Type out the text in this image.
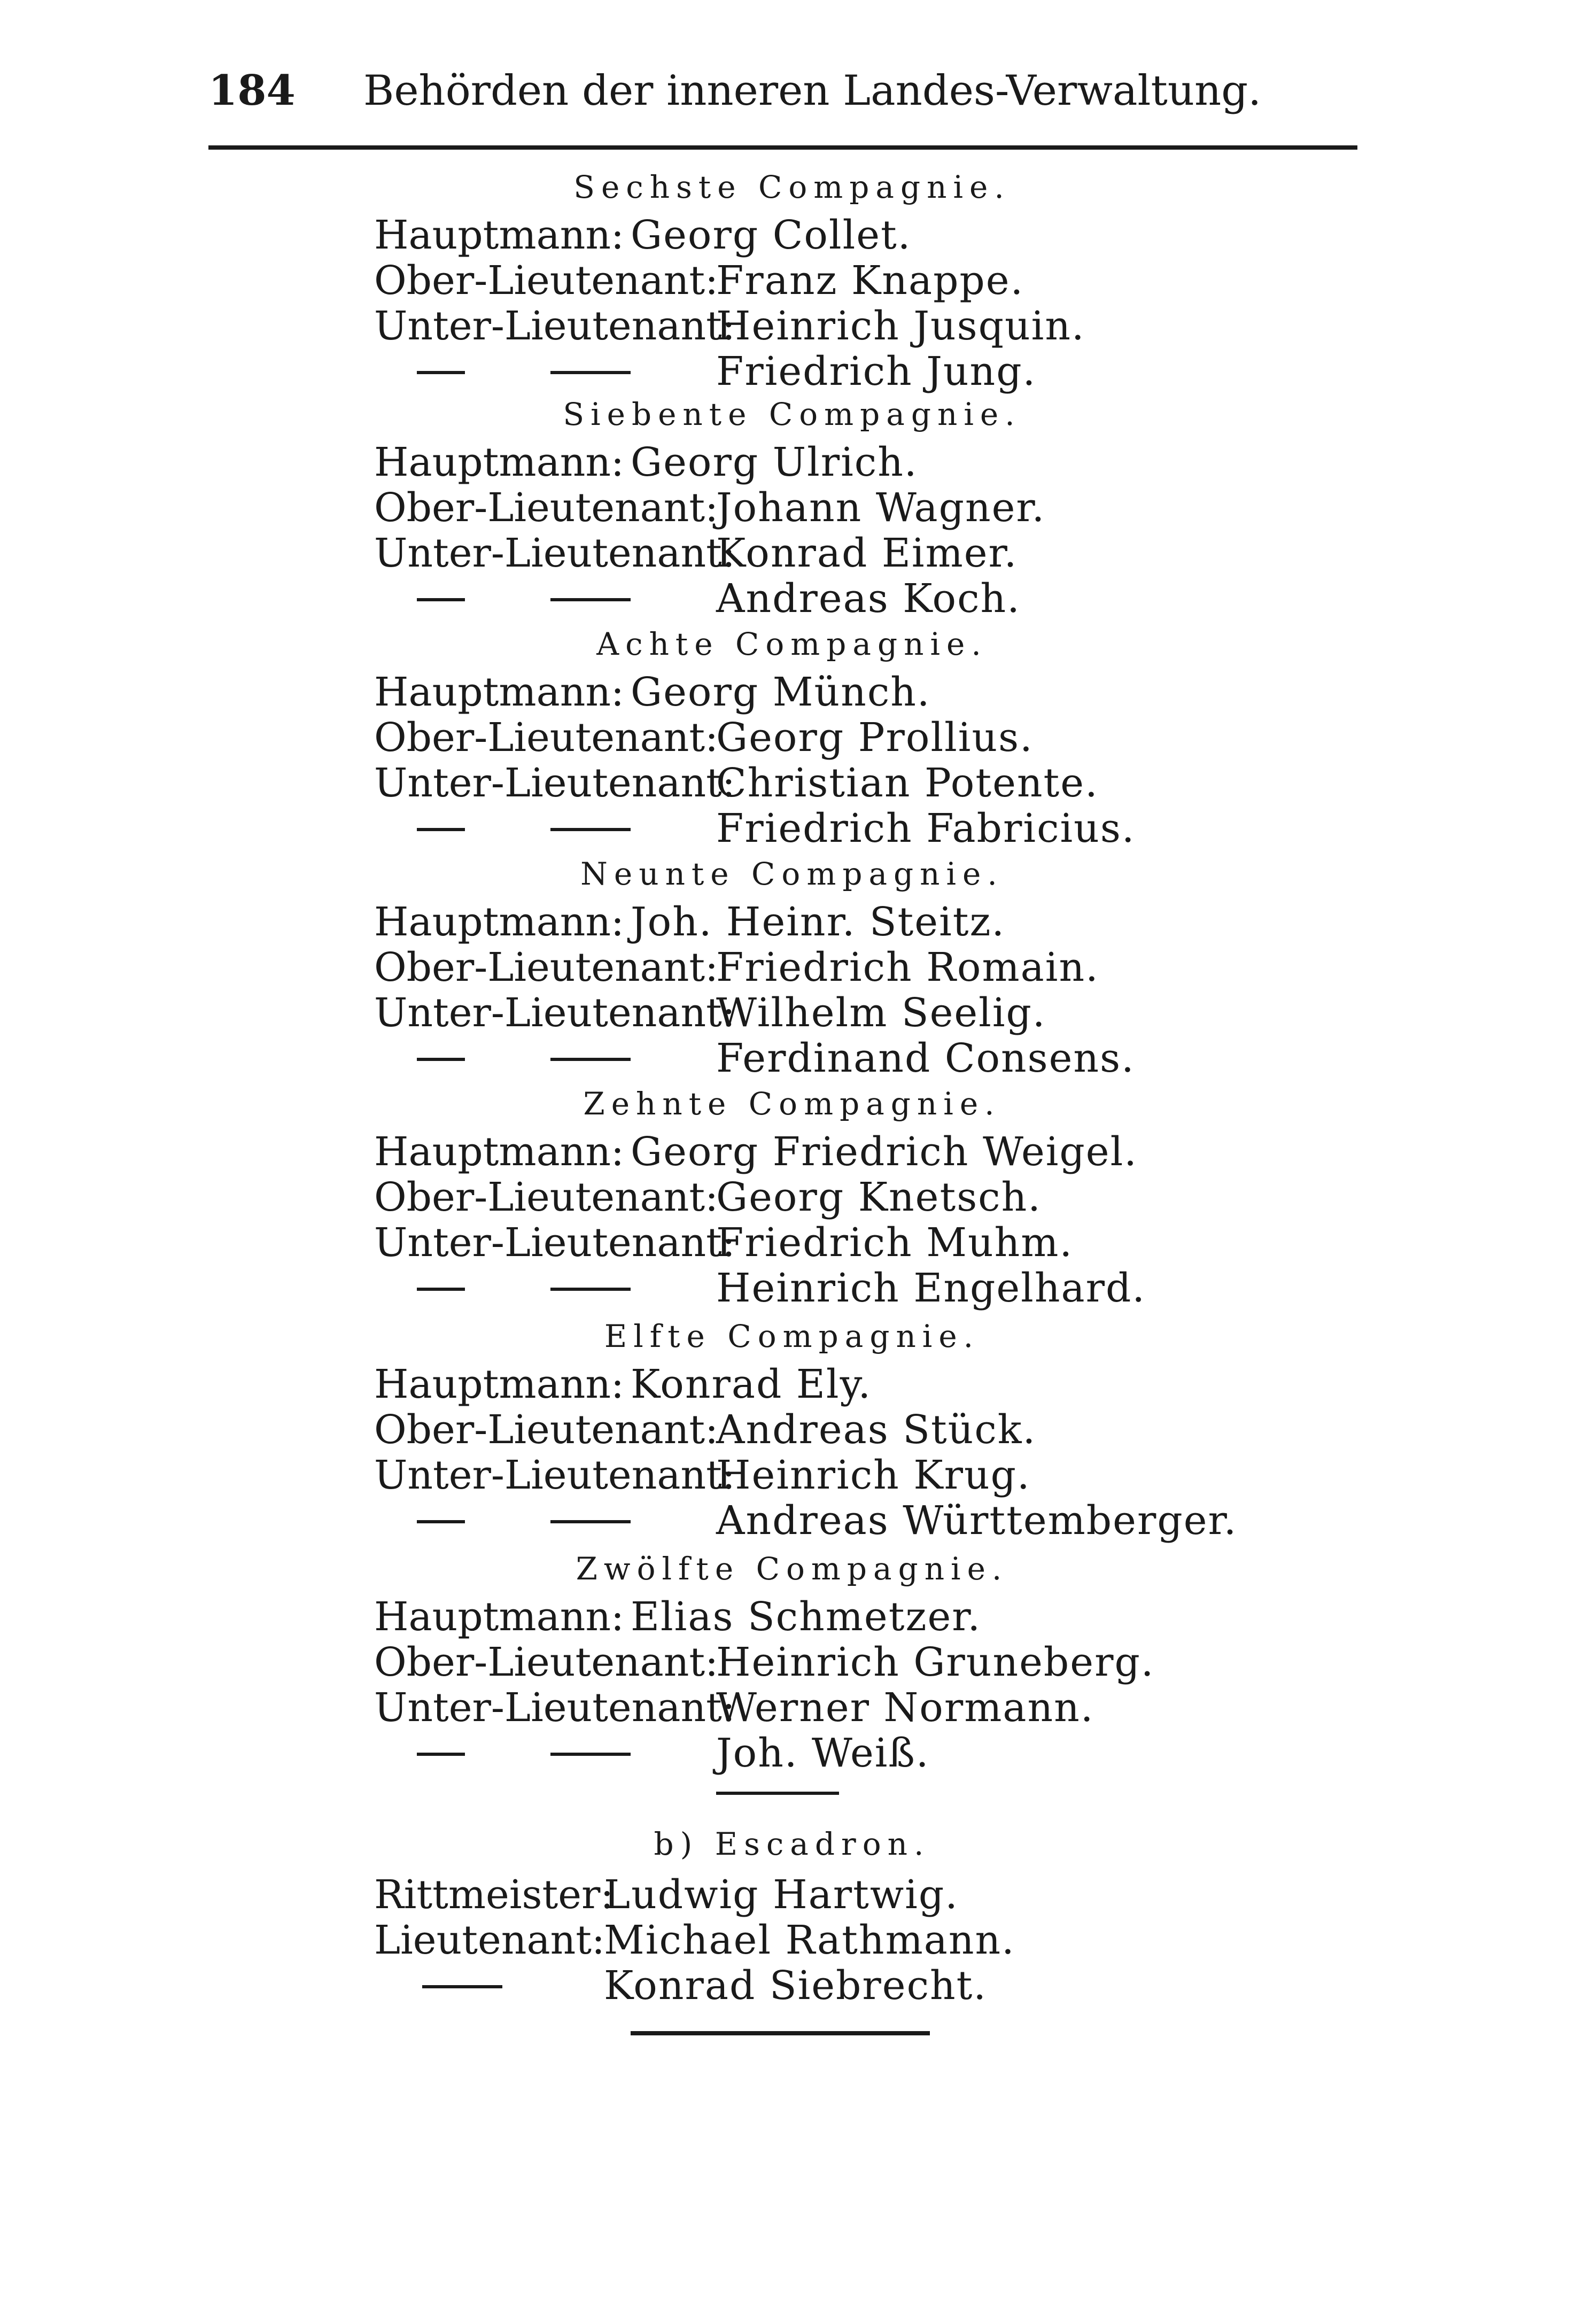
184 Behörden der inneren Landes-Verwaltung.
Sechste Compagnie.
Hauptmann: Georg Collet.
Ober-Lieutenant:
Franz Knappe.
Unter-Lieutenant:
Heinrich Jusquin.
Friedrich Jung.
Siebente Compagnie.
Hauptmann: Georg Ulrich.
Ober-Lieutenant:
Johann Wagner.
Unter-Lieutenant:
Konrad Eimer.
Andreas Koch.
Achte Compagnie.
Hauptmann: Georg Münch.
Ober-Lieutenant:
Georg Prollius.
Unter-Lieutenant:
Christian Potente.
Friedrich Fabricius.
Neunte Compagnie.
Hauptmann: Joh. Heinr. Steitz.
Ober-Lieutenant:
Friedrich Romain.
Unter-Lieutenant:
Wilhelm Seelig.
Ferdinand Consens.
Zehnte Compagnie.
Hauptmann: Georg Friedrich Weigel.
Ober-Lieutenant:
Georg Knetsch.
Unter-Lieutenant:
Friedrich Muhm.
Heinrich Engelhard.
Elfte Compagnie.
Hauptmann: Konrad Ely.
Ober-Lieutenant:
Andreas Stück.
Unter-Lieutenant:
Heinrich Krug.
Andreas Württemberger.
Zwölfte Compagnie.
Hauptmann: Elias Schmetzer.
Ober-Lieutenant:
Heinrich Gruneberg.
Unter-Lieutenant:
Werner Normann.
Joh. Weiß.
b) Escadron.
Rittmeister:
Ludwig Hartwig.
Lieutenant:
Michael Rathmann.
Konrad Siebrecht.
